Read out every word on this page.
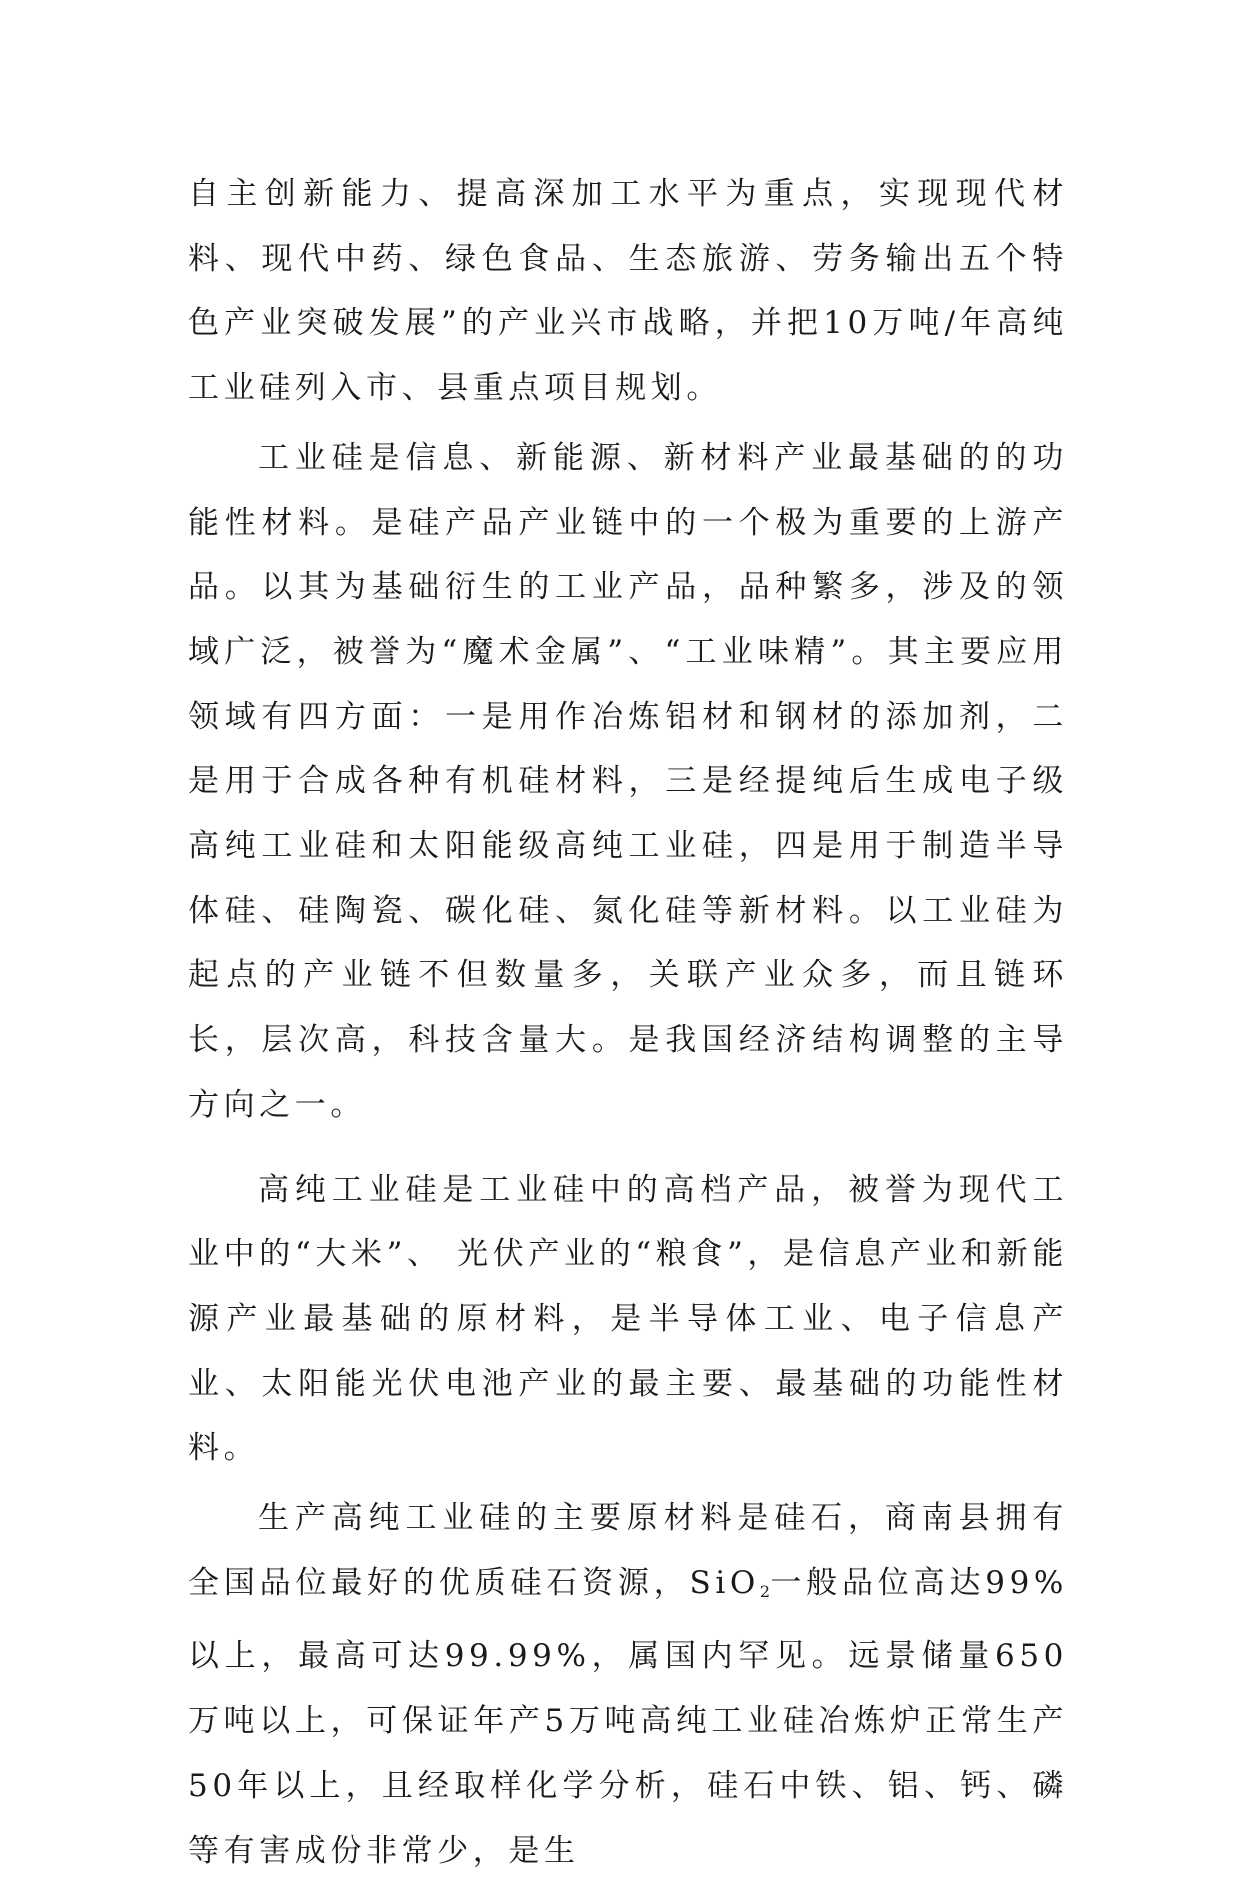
自主创新能力、提高深加工水平为重点，实现现代材料、现代中药、绿色食品、生态旅游、劳务输出五个特色产业突破发展”的产业兴市战略，并把10万吨/年高纯工业硅列入市、县重点项目规划。

工业硅是信息、新能源、新材料产业最基础的的功能性材料。是硅产品产业链中的一个极为重要的上游产品。以其为基础衍生的工业产品，品种繁多，涉及的领域广泛，被誉为“魔术金属”、“工业味精”。其主要应用领域有四方面：一是用作冶炼铝材和钢材的添加剂，二是用于合成各种有机硅材料，三是经提纯后生成电子级高纯工业硅和太阳能级高纯工业硅，四是用于制造半导体硅、硅陶瓷、碳化硅、氮化硅等新材料。以工业硅为起点的产业链不但数量多，关联产业众多，而且链环长，层次高，科技含量大。是我国经济结构调整的主导方向之一。

高纯工业硅是工业硅中的高档产品，被誉为现代工业中的“大米”、 光伏产业的“粮食”，是信息产业和新能源产业最基础的原材料，是半导体工业、电子信息产业、太阳能光伏电池产业的最主要、最基础的功能性材料。

生产高纯工业硅的主要原材料是硅石，商南县拥有全国品位最好的优质硅石资源，SiO$_2$一般品位高达99%以上，最高可达99.99%，属国内罕见。远景储量650万吨以上，可保证年产5万吨高纯工业硅冶炼炉正常生产50年以上，且经取样化学分析，硅石中铁、铝、钙、磷等有害成份非常少，是生
